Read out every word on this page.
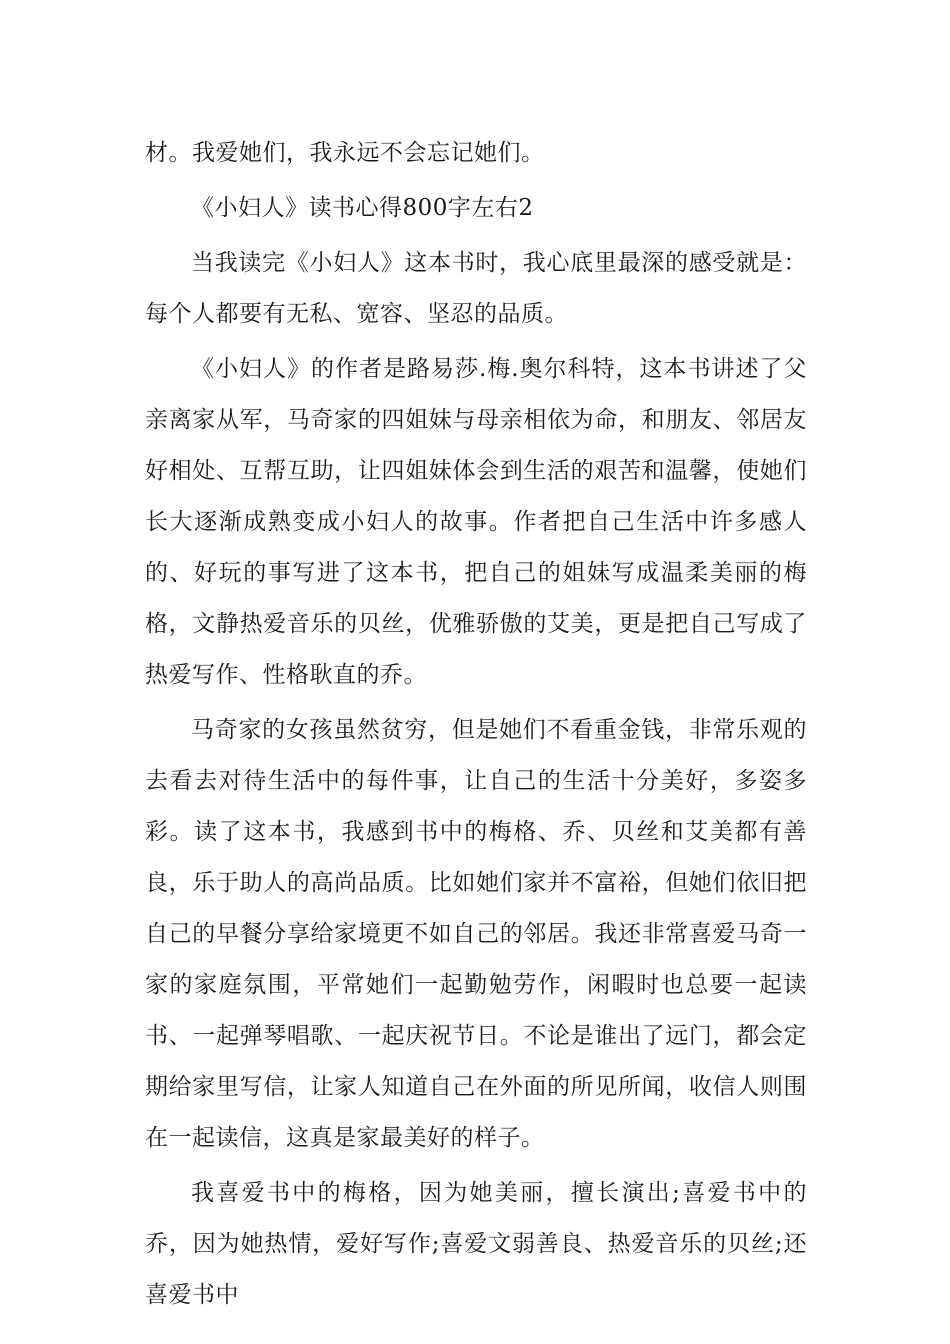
材。我爱她们，我永远不会忘记她们。

《小妇人》读书心得800字左右2

当我读完《小妇人》这本书时，我心底里最深的感受就是：每个人都要有无私、宽容、坚忍的品质。

《小妇人》的作者是路易莎.梅.奥尔科特，这本书讲述了父亲离家从军，马奇家的四姐妹与母亲相依为命，和朋友、邻居友好相处、互帮互助，让四姐妹体会到生活的艰苦和温馨，使她们长大逐渐成熟变成小妇人的故事。作者把自己生活中许多感人的、好玩的事写进了这本书，把自己的姐妹写成温柔美丽的梅格，文静热爱音乐的贝丝，优雅骄傲的艾美，更是把自己写成了热爱写作、性格耿直的乔。

马奇家的女孩虽然贫穷，但是她们不看重金钱，非常乐观的去看去对待生活中的每件事，让自己的生活十分美好，多姿多彩。读了这本书，我感到书中的梅格、乔、贝丝和艾美都有善良，乐于助人的高尚品质。比如她们家并不富裕，但她们依旧把自己的早餐分享给家境更不如自己的邻居。我还非常喜爱马奇一家的家庭氛围，平常她们一起勤勉劳作，闲暇时也总要一起读书、一起弹琴唱歌、一起庆祝节日。不论是谁出了远门，都会定期给家里写信，让家人知道自己在外面的所见所闻，收信人则围在一起读信，这真是家最美好的样子。

我喜爱书中的梅格，因为她美丽，擅长演出;喜爱书中的乔，因为她热情，爱好写作;喜爱文弱善良、热爱音乐的贝丝;还喜爱书中
